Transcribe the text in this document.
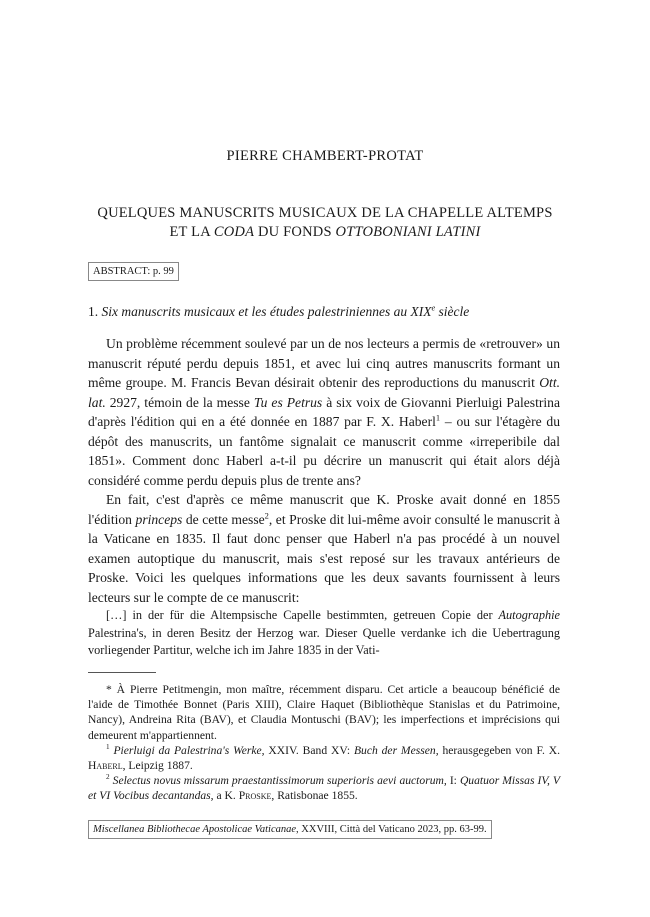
PIERRE CHAMBERT-PROTAT
QUELQUES MANUSCRITS MUSICAUX DE LA CHAPELLE ALTEMPS
ET LA CODA DU FONDS OTTOBONIANI LATINI
ABSTRACT: p. 99
1. Six manuscrits musicaux et les études palestriniennes au XIXe siècle

Un problème récemment soulevé par un de nos lecteurs a permis de «retrouver» un manuscrit réputé perdu depuis 1851, et avec lui cinq autres manuscrits formant un même groupe. M. Francis Bevan désirait obtenir des reproductions du manuscrit Ott. lat. 2927, témoin de la messe Tu es Petrus à six voix de Giovanni Pierluigi Palestrina d'après l'édition qui en a été donnée en 1887 par F. X. Haberl$^1$ – ou sur l'étagère du dépôt des manuscrits, un fantôme signalait ce manuscrit comme «irreperibile dal 1851». Comment donc Haberl a-t-il pu décrire un manuscrit qui était alors déjà considéré comme perdu depuis plus de trente ans?

En fait, c'est d'après ce même manuscrit que K. Proske avait donné en 1855 l'édition princeps de cette messe$^2$, et Proske dit lui-même avoir consulté le manuscrit à la Vaticane en 1835. Il faut donc penser que Haberl n'a pas procédé à un nouvel examen autoptique du manuscrit, mais s'est reposé sur les travaux antérieurs de Proske. Voici les quelques informations que les deux savants fournissent à leurs lecteurs sur le compte de ce manuscrit:

[…] in der für die Altempsische Capelle bestimmten, getreuen Copie der Autographie Palestrina's, in deren Besitz der Herzog war. Dieser Quelle verdanke ich die Uebertragung vorliegender Partitur, welche ich im Jahre 1835 in der Vati-

* À Pierre Petitmengin, mon maître, récemment disparu. Cet article a beaucoup bénéficié de l'aide de Timothée Bonnet (Paris XIII), Claire Haquet (Bibliothèque Stanislas et du Patrimoine, Nancy), Andreina Rita (BAV), et Claudia Montuschi (BAV); les imperfections et imprécisions qui demeurent m'appartiennent.

$^1$ Pierluigi da Palestrina's Werke, XXIV. Band XV: Buch der Messen, herausgegeben von F. X. Haberl, Leipzig 1887.

$^2$ Selectus novus missarum praestantissimorum superioris aevi auctorum, I: Quatuor Missas IV, V et VI Vocibus decantandas, a K. Proske, Ratisbonae 1855.

Miscellanea Bibliothecae Apostolicae Vaticanae, XXVIII, Città del Vaticano 2023, pp. 63-99.
